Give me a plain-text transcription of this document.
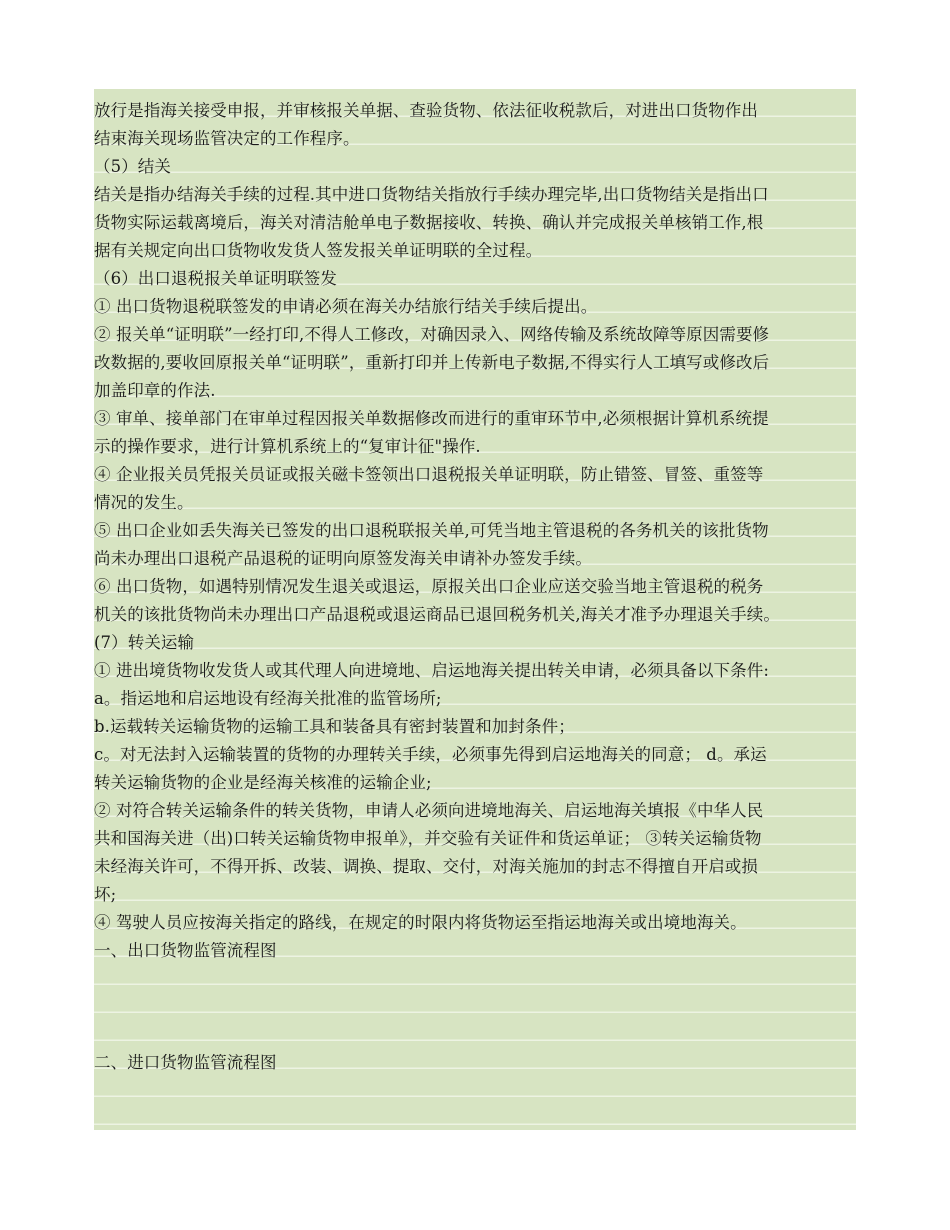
放行是指海关接受申报，并审核报关单据、查验货物、依法征收税款后，对进出口货物作出
结束海关现场监管决定的工作程序。
（5）结关
结关是指办结海关手续的过程.其中进口货物结关指放行手续办理完毕,出口货物结关是指出口
货物实际运载离境后，海关对清洁舱单电子数据接收、转换、确认并完成报关单核销工作,根
据有关规定向出口货物收发货人签发报关单证明联的全过程。
（6）出口退税报关单证明联签发
① 出口货物退税联签发的申请必须在海关办结旅行结关手续后提出。
② 报关单“证明联”一经打印,不得人工修改，对确因录入、网络传输及系统故障等原因需要修
改数据的,要收回原报关单“证明联”，重新打印并上传新电子数据,不得实行人工填写或修改后
加盖印章的作法.
③ 审单、接单部门在审单过程因报关单数据修改而进行的重审环节中,必须根据计算机系统提
示的操作要求，进行计算机系统上的“复审计征"操作.
④ 企业报关员凭报关员证或报关磁卡签领出口退税报关单证明联，防止错签、冒签、重签等
情况的发生。
⑤ 出口企业如丢失海关已签发的出口退税联报关单,可凭当地主管退税的各务机关的该批货物
尚未办理出口退税产品退税的证明向原签发海关申请补办签发手续。
⑥ 出口货物，如遇特别情况发生退关或退运，原报关出口企业应送交验当地主管退税的税务
机关的该批货物尚未办理出口产品退税或退运商品已退回税务机关,海关才准予办理退关手续。
(7）转关运输
① 进出境货物收发货人或其代理人向进境地、启运地海关提出转关申请，必须具备以下条件:
a。指运地和启运地设有经海关批准的监管场所;
b.运载转关运输货物的运输工具和装备具有密封装置和加封条件；
c。对无法封入运输装置的货物的办理转关手续，必须事先得到启运地海关的同意； d。承运
转关运输货物的企业是经海关核准的运输企业;
② 对符合转关运输条件的转关货物，申请人必须向进境地海关、启运地海关填报《中华人民
共和国海关进（出)口转关运输货物申报单》，并交验有关证件和货运单证； ③转关运输货物
未经海关许可，不得开拆、改装、调换、提取、交付，对海关施加的封志不得擅自开启或损
坏;
④ 驾驶人员应按海关指定的路线，在规定的时限内将货物运至指运地海关或出境地海关。
一、出口货物监管流程图
二、进口货物监管流程图
